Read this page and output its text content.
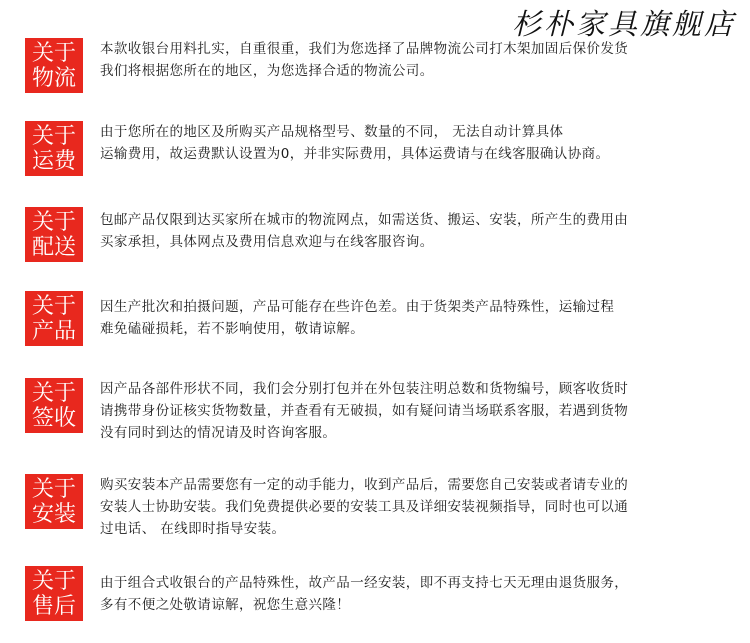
杉朴家具旗舰店
关于
物流

本款收银台用料扎实，自重很重，我们为您选择了品牌物流公司打木架加固后保价发货

我们将根据您所在的地区，为您选择合适的物流公司。

关于
运费

由于您所在的地区及所购买产品规格型号、数量的不同， 无法自动计算具体

运输费用，故运费默认设置为0，并非实际费用，具体运费请与在线客服确认协商。

关于
配送

包邮产品仅限到达买家所在城市的物流网点，如需送货、搬运、安装，所产生的费用由

买家承担，具体网点及费用信息欢迎与在线客服咨询。

关于
产品

因生产批次和拍摄问题，产品可能存在些许色差。由于货架类产品特殊性，运输过程

难免磕碰损耗，若不影响使用，敬请谅解。

关于
签收

因产品各部件形状不同，我们会分别打包并在外包装注明总数和货物编号，顾客收货时

请携带身份证核实货物数量，并查看有无破损，如有疑问请当场联系客服，若遇到货物

没有同时到达的情况请及时咨询客服。

关于
安装

购买安装本产品需要您有一定的动手能力，收到产品后，需要您自己安装或者请专业的

安装人士协助安装。我们免费提供必要的安装工具及详细安装视频指导，同时也可以通

过电话、 在线即时指导安装。

关于
售后

由于组合式收银台的产品特殊性，故产品一经安装，即不再支持七天无理由退货服务，

多有不便之处敬请谅解，祝您生意兴隆！
